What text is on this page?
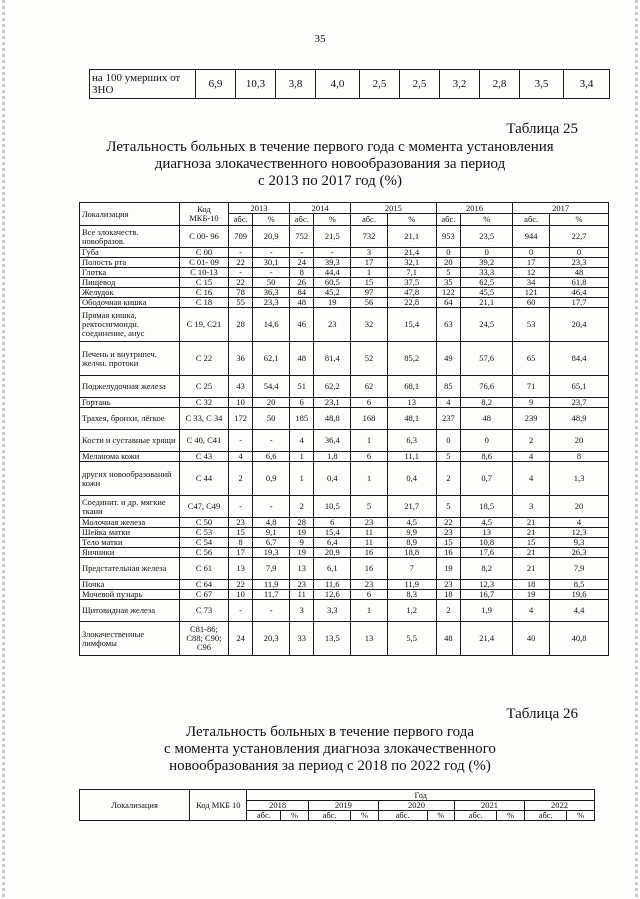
35
на 100 умерших от ЗНО	6,9	10,3	3,8	4,0	2,5	2,5	3,2	2,8	3,5	3,4
Таблица 25
Летальность больных в течение первого года с момента установления
диагноза злокачественного новообразования за период
с 2013 по 2017 год (%)
Локализация	Код МКБ-10	2013		2014		2015		2016		2017	
		абс.	%	абс.	%	абс.	%	абс.	%	абс.	%
Все злокачеств. новобразов.	С 00- 96	709	20,9	752	21,5	732	21,1	953	23,5	944	22,7
Губа	С 00	-	-	-	-	3	21,4	0	0	0	0
Полость рта	С 01- 09	22	30,1	24	39,3	17	32,1	20	39,2	17	23,3
Глотка	С 10-13	-	-	8	44,4	1	7,1	5	33,3	12	48
Пищевод	С 15	22	50	26	60,5	15	37,5	35	62,5	34	61,8
Желудок	С 16	78	36,3	84	45,2	97	47,8	122	45,5	121	46,4
Ободочная кишка	С 18	55	23,3	48	19	56	22,8	64	21,1	60	17,7
Прямая кишка, ректосигмоидн. соединение, анус	С 19, С21	28	14,6	46	23	32	15,4	63	24,5	53	20,4
Печень и внутрипеч. желчн. протоки	С 22	36	62,1	48	81,4	52	85,2	49	57,6	65	84,4
Поджелудочная железа	С 25	43	54,4	51	62,2	62	68,1	85	76,6	71	65,1
Гортань	С 32	10	20	6	23,1	6	13	4	8,2	9	23,7
Трахея, бронхи, лёгкое	С 33, С 34	172	50	185	48,8	168	48,1	237	48	239	48,9
Кости и суставные хрящи	С 40, С41	-	-	4	36,4	1	6,3	0	0	2	20
Меланома кожи	С 43	4	6,6	1	1,8	6	11,1	5	8,6	4	8
других новообразований кожи	С 44	2	0,9	1	0,4	1	0,4	2	0,7	4	1,3
Соединит. и др. мягкие ткани	С47, С49	-	-	2	10,5	5	21,7	5	18,5	3	20
Молочная железа	С 50	23	4,8	28	6	23	4,5	22	4,5	21	4
Шейка матки	С 53	15	9,1	19	15,4	11	9,9	23	13	21	12,3
Тело матки	С 54	8	6,7	9	6,4	11	8,9	15	10,8	15	9,3
Яичники	С 56	17	19,3	19	20,9	16	18,8	16	17,6	21	26,3
Предстательная железа	С 61	13	7,9	13	6,1	16	7	19	8,2	21	7,9
Почка	С 64	22	11,9	23	11,6	23	11,9	23	12,3	18	8,5
Мочевой пузырь	С 67	10	11,7	11	12,6	6	8,3	18	16,7	19	19,6
Щитовидная железа	С 73	-	-	3	3,3	1	1,2	2	1,9	4	4,4
Злокачественные лимфомы	С81-86; С88; С90; С96	24	20,3	33	13,5	13	5,5	48	21,4	40	40,8
Таблица 26
Летальность больных в течение первого года
с момента установления диагноза злокачественного
новообразования за период с 2018 по 2022 год (%)
Локализация	Код МКБ 10	Год									
		2018		2019		2020		2021		2022	
		абс.	%	абс.	%	абс.	%	абс.	%	абс.	%
